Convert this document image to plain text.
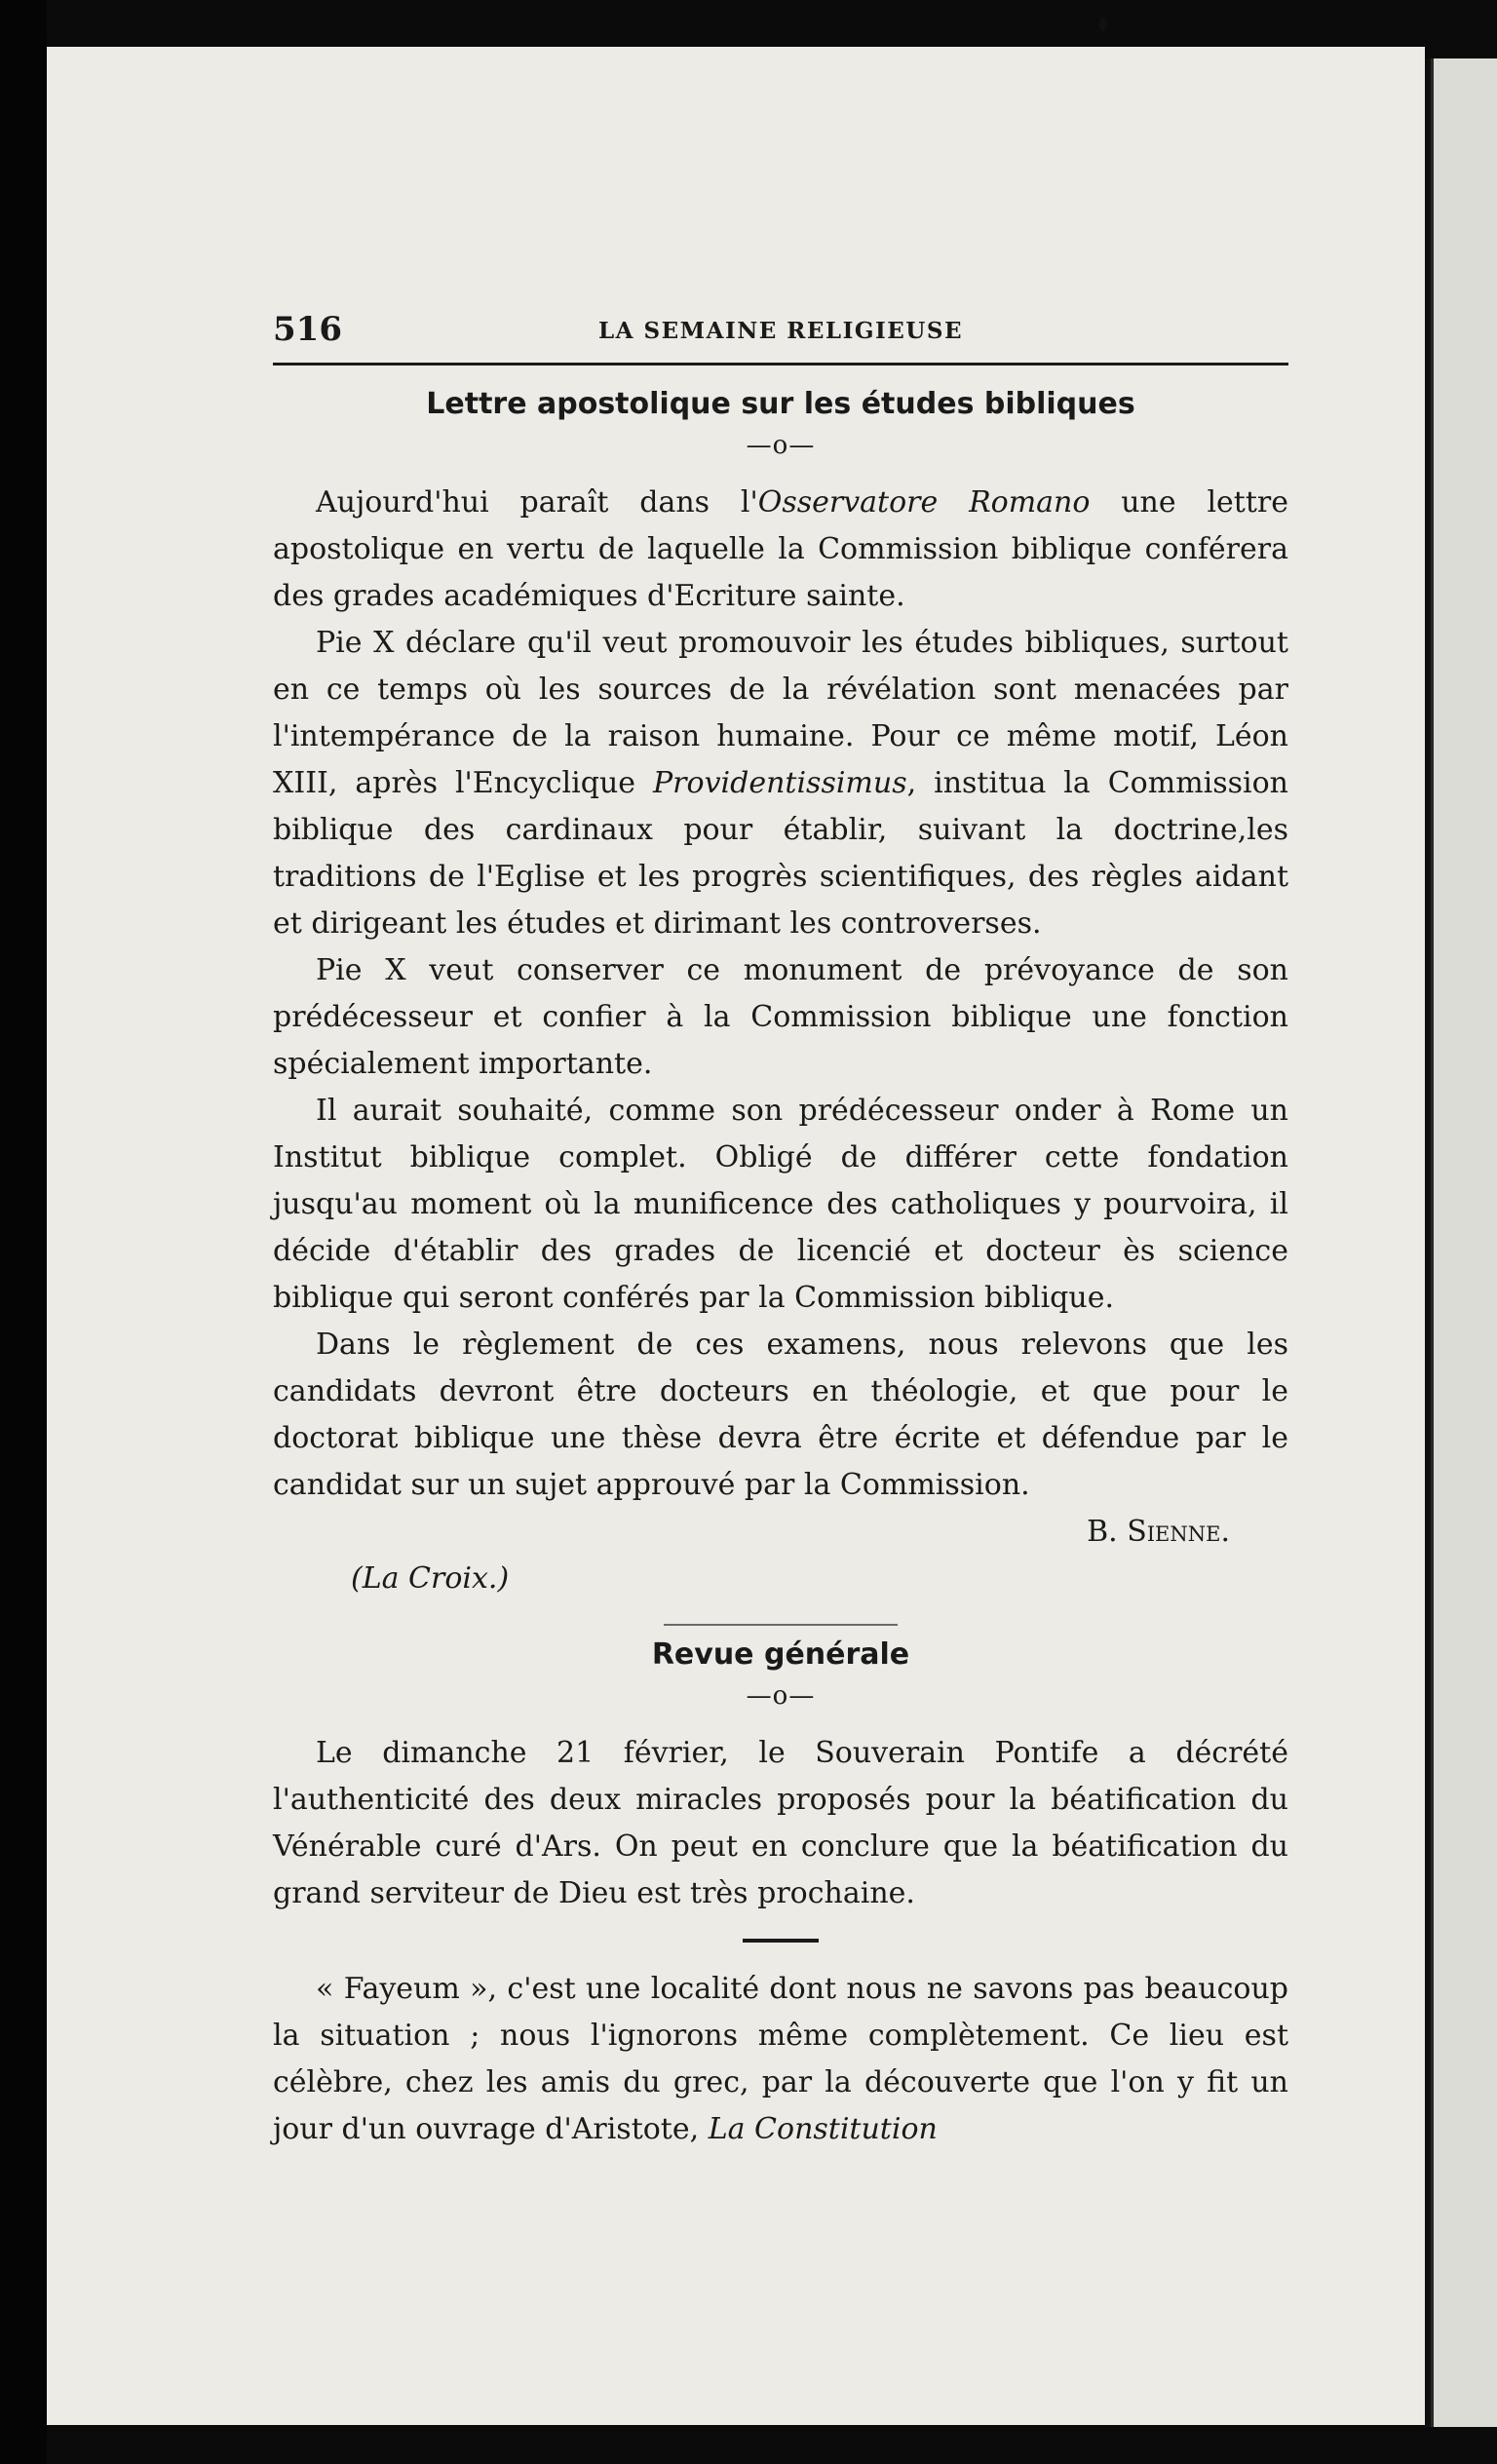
516	LA SEMAINE RELIGIEUSE
Lettre apostolique sur les études bibliques
—o—

Aujourd'hui paraît dans l'Osservatore Romano une lettre apostolique en vertu de laquelle la Commission biblique conférera des grades académiques d'Ecriture sainte.

Pie X déclare qu'il veut promouvoir les études bibliques, surtout en ce temps où les sources de la révélation sont menacées par l'intempérance de la raison humaine. Pour ce même motif, Léon XIII, après l'Encyclique Providentissimus, institua la Commission biblique des cardinaux pour établir, suivant la doctrine,les traditions de l'Eglise et les progrès scientifiques, des règles aidant et dirigeant les études et dirimant les controverses.

Pie X veut conserver ce monument de prévoyance de son prédécesseur et confier à la Commission biblique une fonction spécialement importante.

Il aurait souhaité, comme son prédécesseur onder à Rome un Institut biblique complet. Obligé de différer cette fondation jusqu'au moment où la munificence des catholiques y pourvoira, il décide d'établir des grades de licencié et docteur ès science biblique qui seront conférés par la Commission biblique.

Dans le règlement de ces examens, nous relevons que les candidats devront être docteurs en théologie, et que pour le doctorat biblique une thèse devra être écrite et défendue par le candidat sur un sujet approuvé par la Commission.

B. Sienne.
(La Croix.)
Revue générale
—o—

Le dimanche 21 février, le Souverain Pontife a décrété l'authenticité des deux miracles proposés pour la béatification du Vénérable curé d'Ars. On peut en conclure que la béatification du grand serviteur de Dieu est très prochaine.

« Fayeum », c'est une localité dont nous ne savons pas beaucoup la situation ; nous l'ignorons même complètement. Ce lieu est célèbre, chez les amis du grec, par la découverte que l'on y fit un jour d'un ouvrage d'Aristote, La Constitution
